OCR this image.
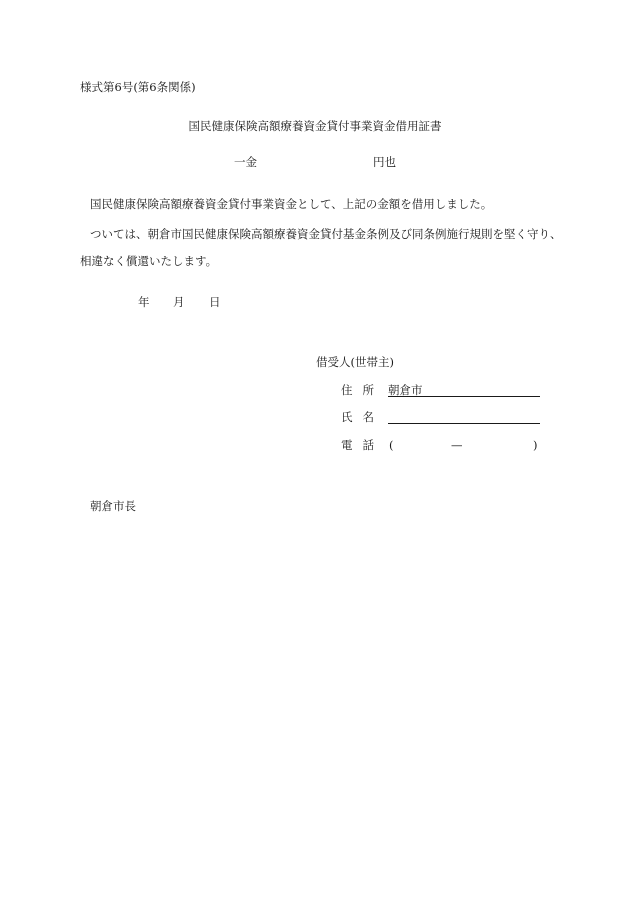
様式第6号(第6条関係)
国民健康保険高額療養資金貸付事業資金借用証書
一金	円也
国民健康保険高額療養資金貸付事業資金として、上記の金額を借用しました。
ついては、朝倉市国民健康保険高額療養資金貸付基金条例及び同条例施行規則を堅く守り、
相違なく償還いたします。
年 月 日
借受人(世帯主)
住所 朝倉市
氏名
電話 (	—	)
朝倉市長
